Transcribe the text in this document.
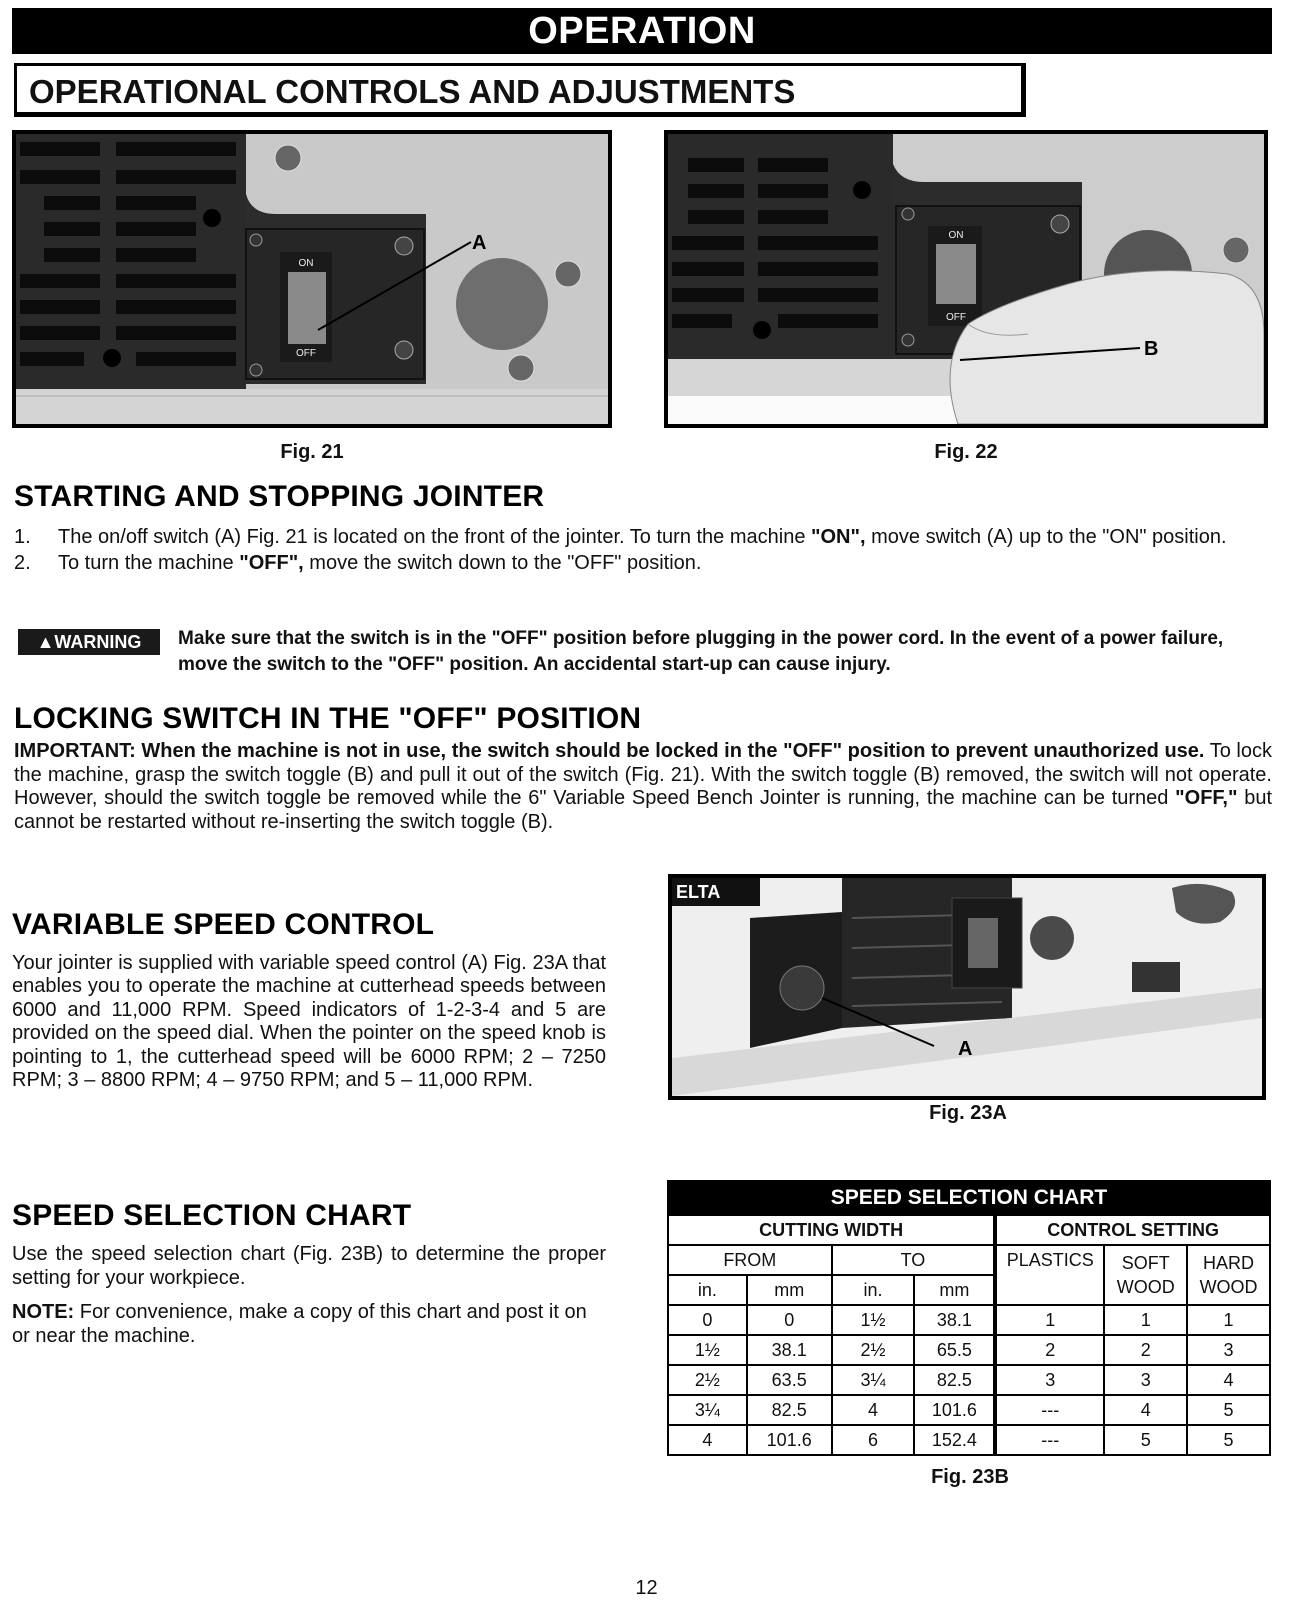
OPERATION
OPERATIONAL CONTROLS AND ADJUSTMENTS
ON
OFF
A
Fig. 21
ON
OFF
B
Fig. 22
STARTING AND STOPPING JOINTER
1. The on/off switch (A) Fig. 21 is located on the front of the jointer. To turn the machine "ON", move switch (A) up to the "ON" position.
2. To turn the machine "OFF", move the switch down to the "OFF" position.
▲WARNING	Make sure that the switch is in the "OFF" position before plugging in the power cord. In the event of a power failure, move the switch to the "OFF" position. An accidental start-up can cause injury.
LOCKING SWITCH IN THE "OFF" POSITION
IMPORTANT: When the machine is not in use, the switch should be locked in the "OFF" position to prevent unauthorized use. To lock the machine, grasp the switch toggle (B) and pull it out of the switch (Fig. 21). With the switch toggle (B) removed, the switch will not operate. However, should the switch toggle be removed while the 6" Variable Speed Bench Jointer is running, the machine can be turned "OFF," but cannot be restarted without re-inserting the switch toggle (B).
VARIABLE SPEED CONTROL
Your jointer is supplied with variable speed control (A) Fig. 23A that enables you to operate the machine at cutterhead speeds between 6000 and 11,000 RPM. Speed indicators of 1-2-3-4 and 5 are provided on the speed dial. When the pointer on the speed knob is pointing to 1, the cutterhead speed will be 6000 RPM; 2 – 7250 RPM; 3 – 8800 RPM; 4 – 9750 RPM; and 5 – 11,000 RPM.
ELTA
A
Fig. 23A
SPEED SELECTION CHART
Use the speed selection chart (Fig. 23B) to determine the proper setting for your workpiece.
NOTE: For convenience, make a copy of this chart and post it on or near the machine.
SPEED SELECTION CHART						
CUTTING WIDTH				CONTROL SETTING		
FROM		TO		PLASTICS	SOFT WOOD	HARD WOOD
in.	mm	in.	mm			
0	0	1½	38.1	1	1	1
1½	38.1	2½	65.5	2	2	3
2½	63.5	3¼	82.5	3	3	4
3¼	82.5	4	101.6	---	4	5
4	101.6	6	152.4	---	5	5
Fig. 23B
12
